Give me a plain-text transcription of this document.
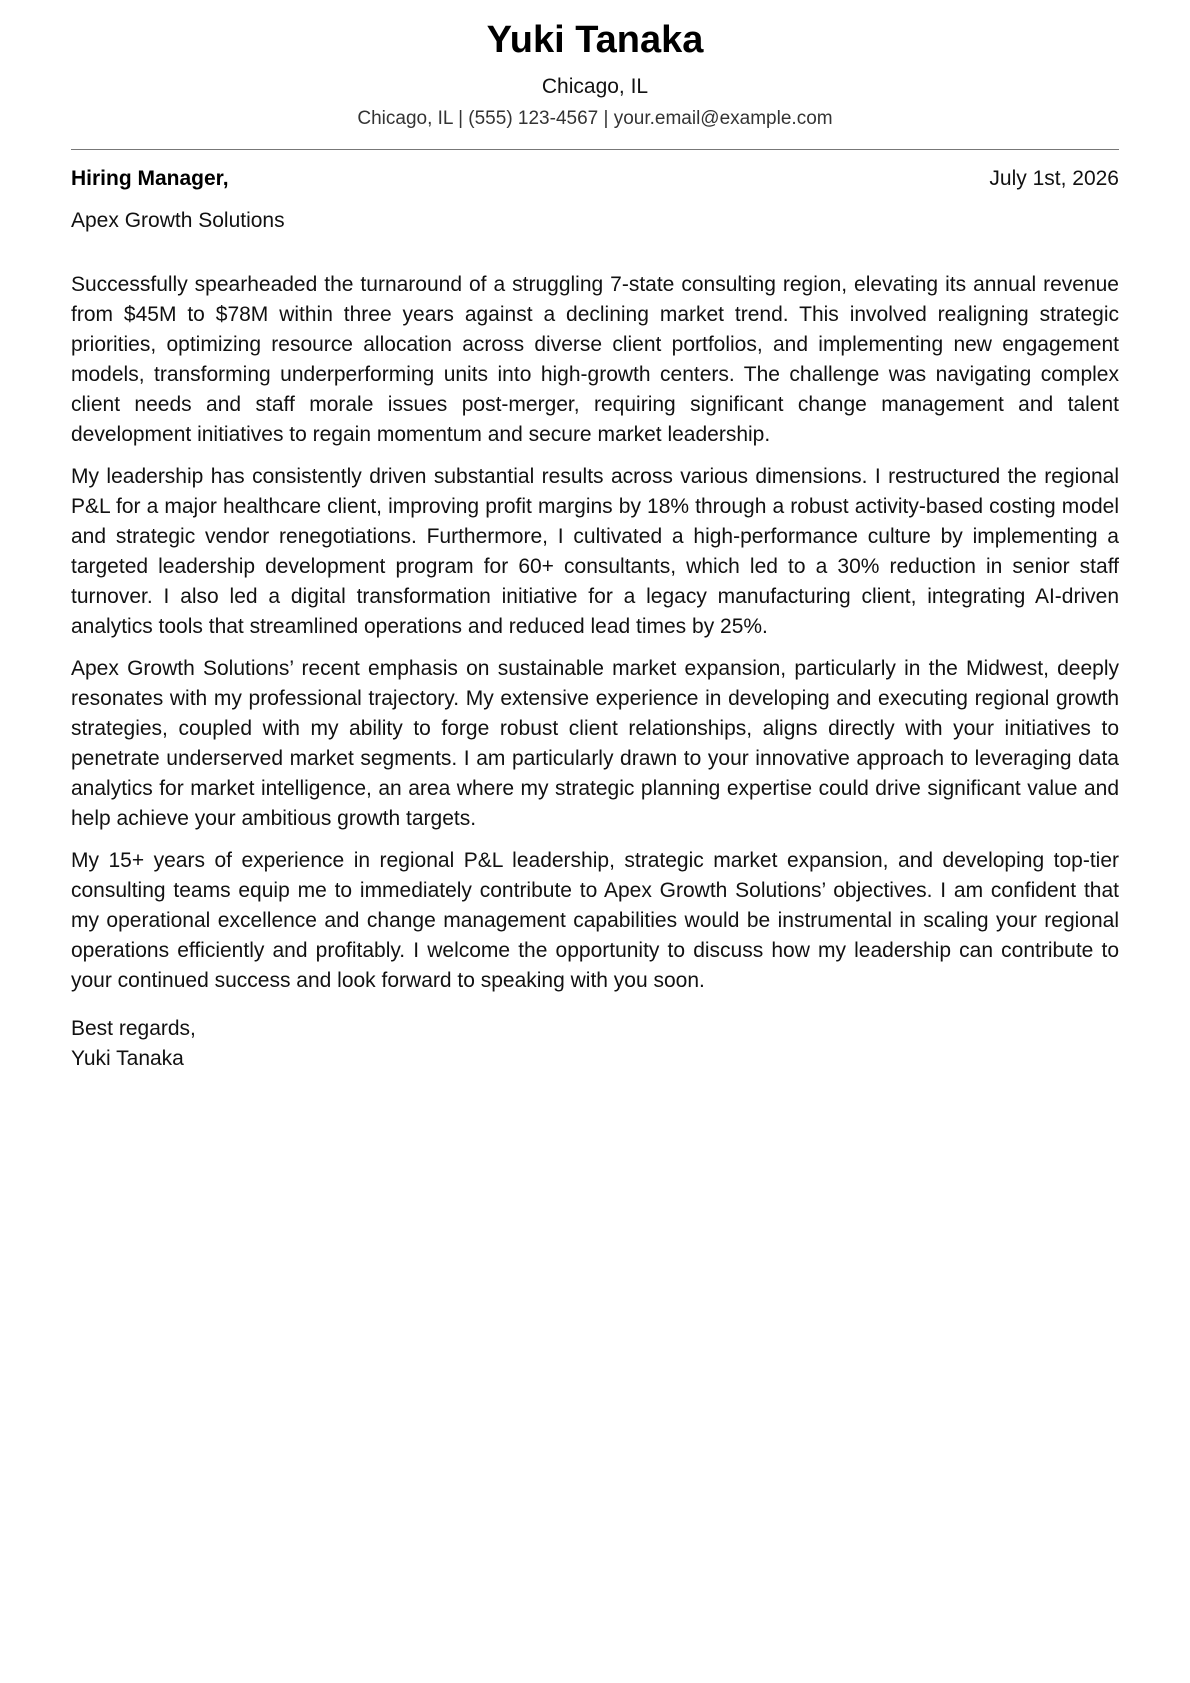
Yuki Tanaka
Chicago, IL
Chicago, IL | (555) 123-4567 | your.email@example.com
Hiring Manager,	July 1st, 2026
Apex Growth Solutions

Successfully spearheaded the turnaround of a struggling 7-state consulting region, elevating its annual revenue from $45M to $78M within three years against a declining market trend. This involved realigning strategic priorities, optimizing resource allocation across diverse client portfolios, and implementing new engagement models, transforming underperforming units into high-growth centers. The challenge was navigating complex client needs and staff morale issues post-merger, requiring significant change management and talent development initiatives to regain momentum and secure market leadership.

My leadership has consistently driven substantial results across various dimensions. I restructured the regional P&L for a major healthcare client, improving profit margins by 18% through a robust activity-based costing model and strategic vendor renegotiations. Furthermore, I cultivated a high-performance culture by implementing a targeted leadership development program for 60+ consultants, which led to a 30% reduction in senior staff turnover. I also led a digital transformation initiative for a legacy manufacturing client, integrating AI-driven analytics tools that streamlined operations and reduced lead times by 25%.

Apex Growth Solutions’ recent emphasis on sustainable market expansion, particularly in the Midwest, deeply resonates with my professional trajectory. My extensive experience in developing and executing regional growth strategies, coupled with my ability to forge robust client relationships, aligns directly with your initiatives to penetrate underserved market segments. I am particularly drawn to your innovative approach to leveraging data analytics for market intelligence, an area where my strategic planning expertise could drive significant value and help achieve your ambitious growth targets.

My 15+ years of experience in regional P&L leadership, strategic market expansion, and developing top-tier consulting teams equip me to immediately contribute to Apex Growth Solutions’ objectives. I am confident that my operational excellence and change management capabilities would be instrumental in scaling your regional operations efficiently and profitably. I welcome the opportunity to discuss how my leadership can contribute to your continued success and look forward to speaking with you soon.

Best regards,
Yuki Tanaka
